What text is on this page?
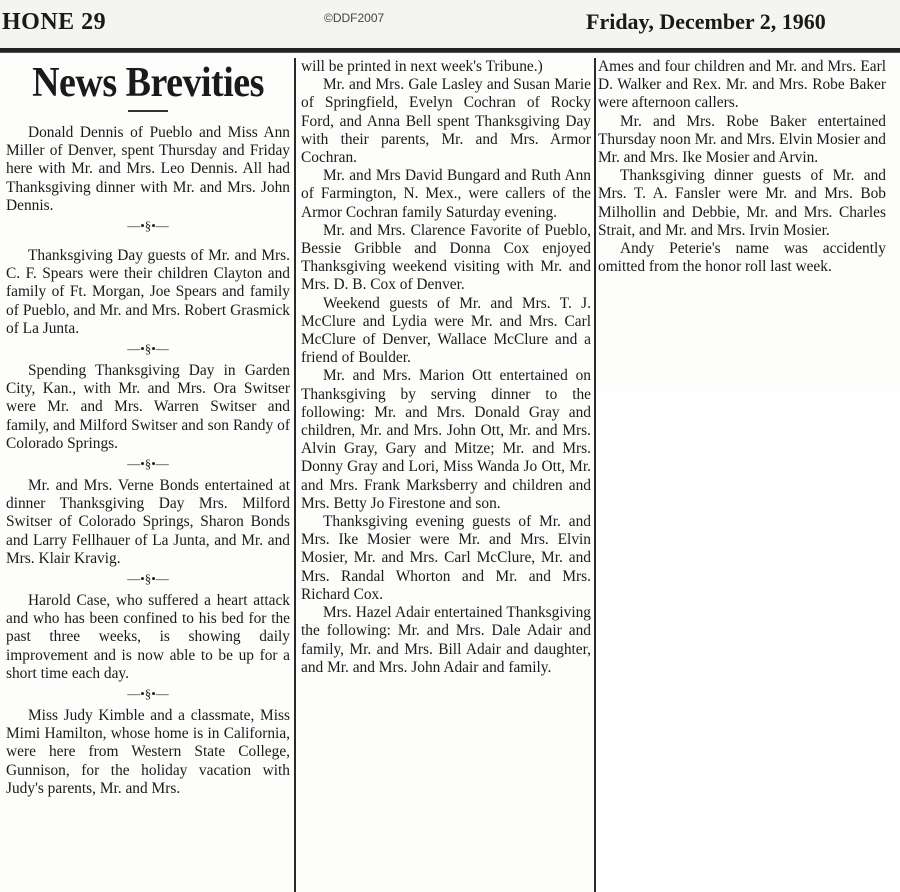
HONE 29	©DDF2007	Friday, December 2, 1960
News Brevities

Donald Dennis of Pueblo and Miss Ann Miller of Denver, spent Thursday and Friday here with Mr. and Mrs. Leo Dennis. All had Thanksgiving dinner with Mr. and Mrs. John Dennis.

—•§•—

Thanksgiving Day guests of Mr. and Mrs. C. F. Spears were their children Clayton and family of Ft. Morgan, Joe Spears and family of Pueblo, and Mr. and Mrs. Robert Grasmick of La Junta.

—•§•—

Spending Thanksgiving Day in Garden City, Kan., with Mr. and Mrs. Ora Switser were Mr. and Mrs. Warren Switser and family, and Milford Switser and son Randy of Colorado Springs.

—•§•—

Mr. and Mrs. Verne Bonds entertained at dinner Thanksgiving Day Mrs. Milford Switser of Colorado Springs, Sharon Bonds and Larry Fellhauer of La Junta, and Mr. and Mrs. Klair Kravig.

—•§•—

Harold Case, who suffered a heart attack and who has been confined to his bed for the past three weeks, is showing daily improvement and is now able to be up for a short time each day.

—•§•—

Miss Judy Kimble and a classmate, Miss Mimi Hamilton, whose home is in California, were here from Western State College, Gunnison, for the holiday vacation with Judy's parents, Mr. and Mrs.

will be printed in next week's Tribune.)

Mr. and Mrs. Gale Lasley and Susan Marie of Springfield, Evelyn Cochran of Rocky Ford, and Anna Bell spent Thanksgiving Day with their parents, Mr. and Mrs. Armor Cochran.

Mr. and Mrs David Bungard and Ruth Ann of Farmington, N. Mex., were callers of the Armor Cochran family Saturday evening.

Mr. and Mrs. Clarence Favorite of Pueblo, Bessie Gribble and Donna Cox enjoyed Thanksgiving weekend visiting with Mr. and Mrs. D. B. Cox of Denver.

Weekend guests of Mr. and Mrs. T. J. McClure and Lydia were Mr. and Mrs. Carl McClure of Denver, Wallace McClure and a friend of Boulder.

Mr. and Mrs. Marion Ott entertained on Thanksgiving by serving dinner to the following: Mr. and Mrs. Donald Gray and children, Mr. and Mrs. John Ott, Mr. and Mrs. Alvin Gray, Gary and Mitze; Mr. and Mrs. Donny Gray and Lori, Miss Wanda Jo Ott, Mr. and Mrs. Frank Marksberry and children and Mrs. Betty Jo Firestone and son.

Thanksgiving evening guests of Mr. and Mrs. Ike Mosier were Mr. and Mrs. Elvin Mosier, Mr. and Mrs. Carl McClure, Mr. and Mrs. Randal Whorton and Mr. and Mrs. Richard Cox.

Mrs. Hazel Adair entertained Thanksgiving the following: Mr. and Mrs. Dale Adair and family, Mr. and Mrs. Bill Adair and daughter, and Mr. and Mrs. John Adair and family.

Ames and four children and Mr. and Mrs. Earl D. Walker and Rex. Mr. and Mrs. Robe Baker were afternoon callers.

Mr. and Mrs. Robe Baker entertained Thursday noon Mr. and Mrs. Elvin Mosier and Mr. and Mrs. Ike Mosier and Arvin.

Thanksgiving dinner guests of Mr. and Mrs. T. A. Fansler were Mr. and Mrs. Bob Milhollin and Debbie, Mr. and Mrs. Charles Strait, and Mr. and Mrs. Irvin Mosier.

Andy Peterie's name was accidently omitted from the honor roll last week.
